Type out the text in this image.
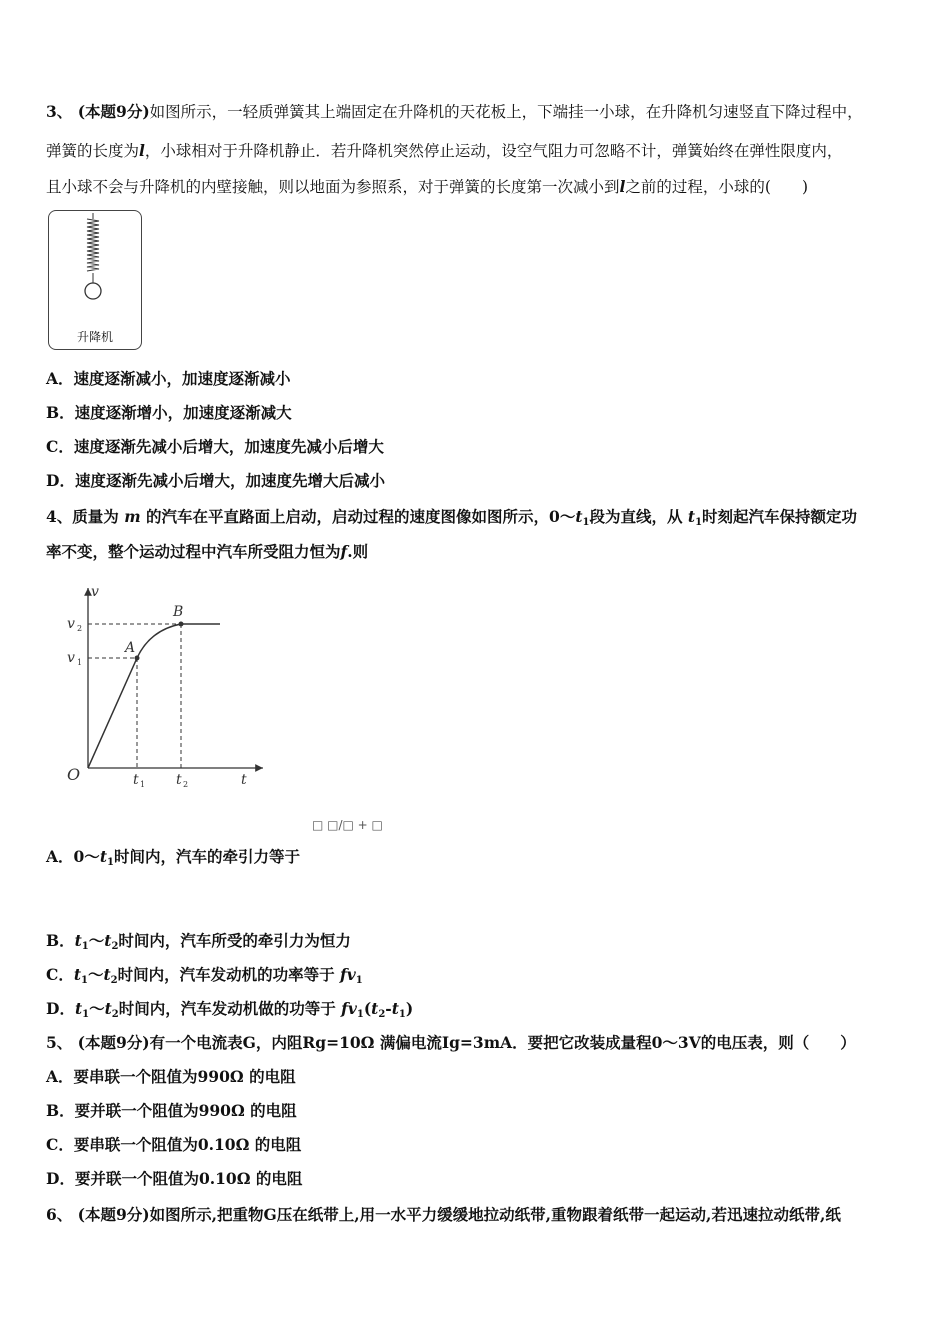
3、 (本题9分)如图所示，一轻质弹簧其上端固定在升降机的天花板上，下端挂一小球，在升降机匀速竖直下降过程中，
弹簧的长度为l，小球相对于升降机静止．若升降机突然停止运动，设空气阻力可忽略不计，弹簧始终在弹性限度内，
且小球不会与升降机的内壁接触，则以地面为参照系，对于弹簧的长度第一次减小到l之前的过程，小球的(　　)
升降机
A．速度逐渐减小，加速度逐渐减小
B．速度逐渐增小，加速度逐渐减大
C．速度逐渐先减小后增大，加速度先减小后增大
D．速度逐渐先减小后增大，加速度先增大后减小
4、质量为 m 的汽车在平直路面上启动，启动过程的速度图像如图所示，$0\sim t_1$段为直线，从 $t_1$时刻起汽车保持额定功
率不变，整个运动过程中汽车所受阻力恒为f.则
v
v 2
v 1
A
B
O	t 1 t 2	t
□ □/□ + □
A．$0\sim t_1$时间内，汽车的牵引力等于
B．$t_1\sim t_2$时间内，汽车所受的牵引力为恒力
C．$t_1\sim t_2$时间内，汽车发动机的功率等于 $fv_1$
D．$t_1\sim t_2$时间内，汽车发动机做的功等于 $fv_1(t_2-t_1)$
5、 (本题9分)有一个电流表G，内阻Rg=10Ω 满偏电流Ig=3mA．要把它改装成量程0～3V的电压表，则（　　）
A．要串联一个阻值为990Ω 的电阻
B．要并联一个阻值为990Ω 的电阻
C．要串联一个阻值为0.10Ω 的电阻
D．要并联一个阻值为0.10Ω 的电阻
6、 (本题9分)如图所示,把重物G压在纸带上,用一水平力缓缓地拉动纸带,重物跟着纸带一起运动,若迅速拉动纸带,纸
